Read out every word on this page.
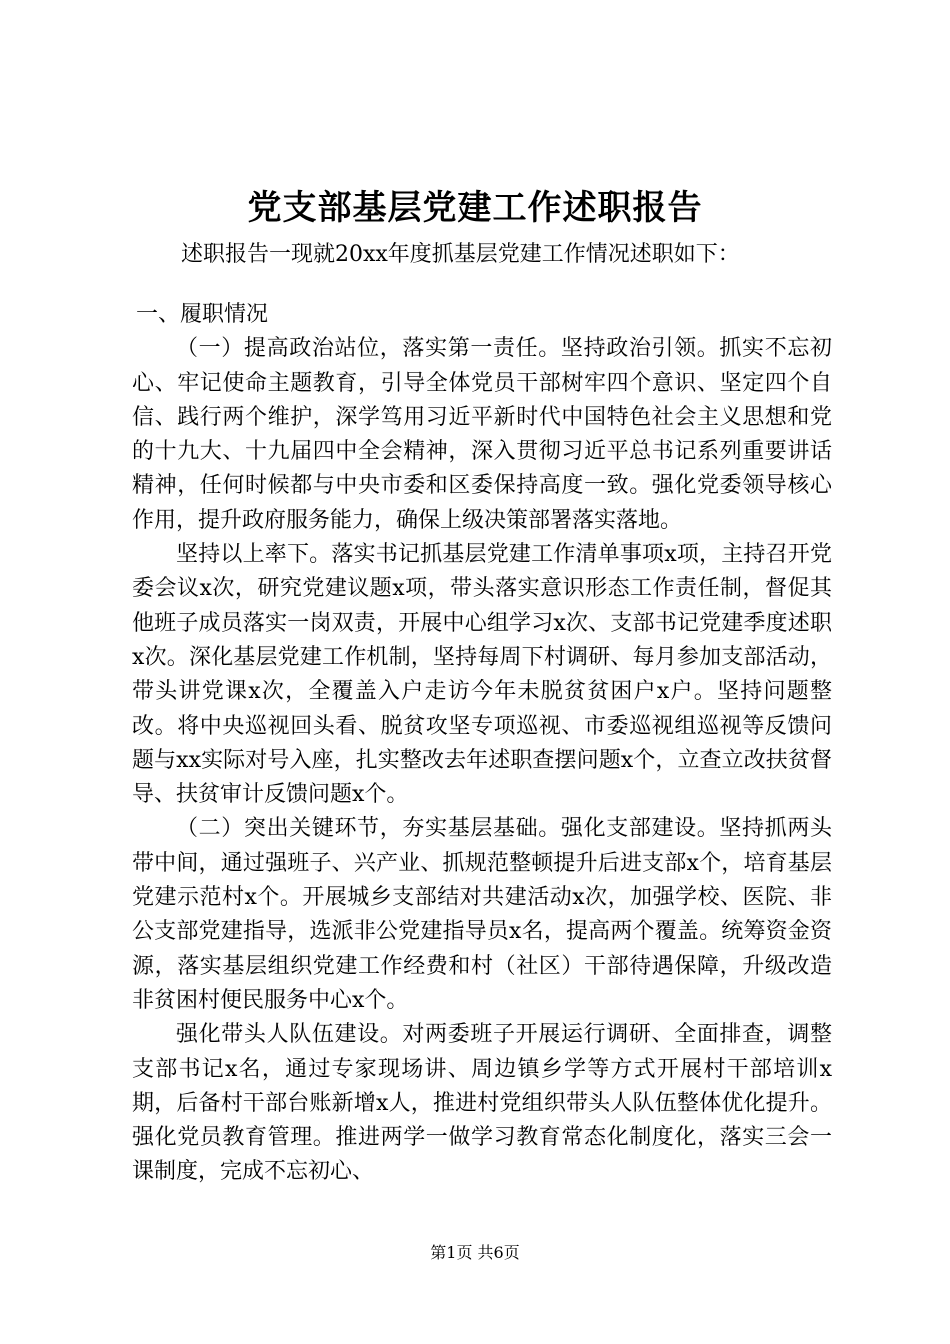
党支部基层党建工作述职报告
述职报告一现就20xx年度抓基层党建工作情况述职如下：

一、履职情况

（一）提高政治站位，落实第一责任。坚持政治引领。抓实不忘初心、牢记使命主题教育，引导全体党员干部树牢四个意识、坚定四个自信、践行两个维护，深学笃用习近平新时代中国特色社会主义思想和党的十九大、十九届四中全会精神，深入贯彻习近平总书记系列重要讲话精神，任何时候都与中央市委和区委保持高度一致。强化党委领导核心作用，提升政府服务能力，确保上级决策部署落实落地。

坚持以上率下。落实书记抓基层党建工作清单事项x项，主持召开党委会议x次，研究党建议题x项，带头落实意识形态工作责任制，督促其他班子成员落实一岗双责，开展中心组学习x次、支部书记党建季度述职x次。深化基层党建工作机制，坚持每周下村调研、每月参加支部活动，带头讲党课x次，全覆盖入户走访今年未脱贫贫困户x户。坚持问题整改。将中央巡视回头看、脱贫攻坚专项巡视、市委巡视组巡视等反馈问题与xx实际对号入座，扎实整改去年述职查摆问题x个，立查立改扶贫督导、扶贫审计反馈问题x个。

（二）突出关键环节，夯实基层基础。强化支部建设。坚持抓两头带中间，通过强班子、兴产业、抓规范整顿提升后进支部x个，培育基层党建示范村x个。开展城乡支部结对共建活动x次，加强学校、医院、非公支部党建指导，选派非公党建指导员x名，提高两个覆盖。统筹资金资源，落实基层组织党建工作经费和村（社区）干部待遇保障，升级改造非贫困村便民服务中心x个。

强化带头人队伍建设。对两委班子开展运行调研、全面排查，调整支部书记x名，通过专家现场讲、周边镇乡学等方式开展村干部培训x期，后备村干部台账新增x人，推进村党组织带头人队伍整体优化提升。强化党员教育管理。推进两学一做学习教育常态化制度化，落实三会一课制度，完成不忘初心、

第1页 共6页
